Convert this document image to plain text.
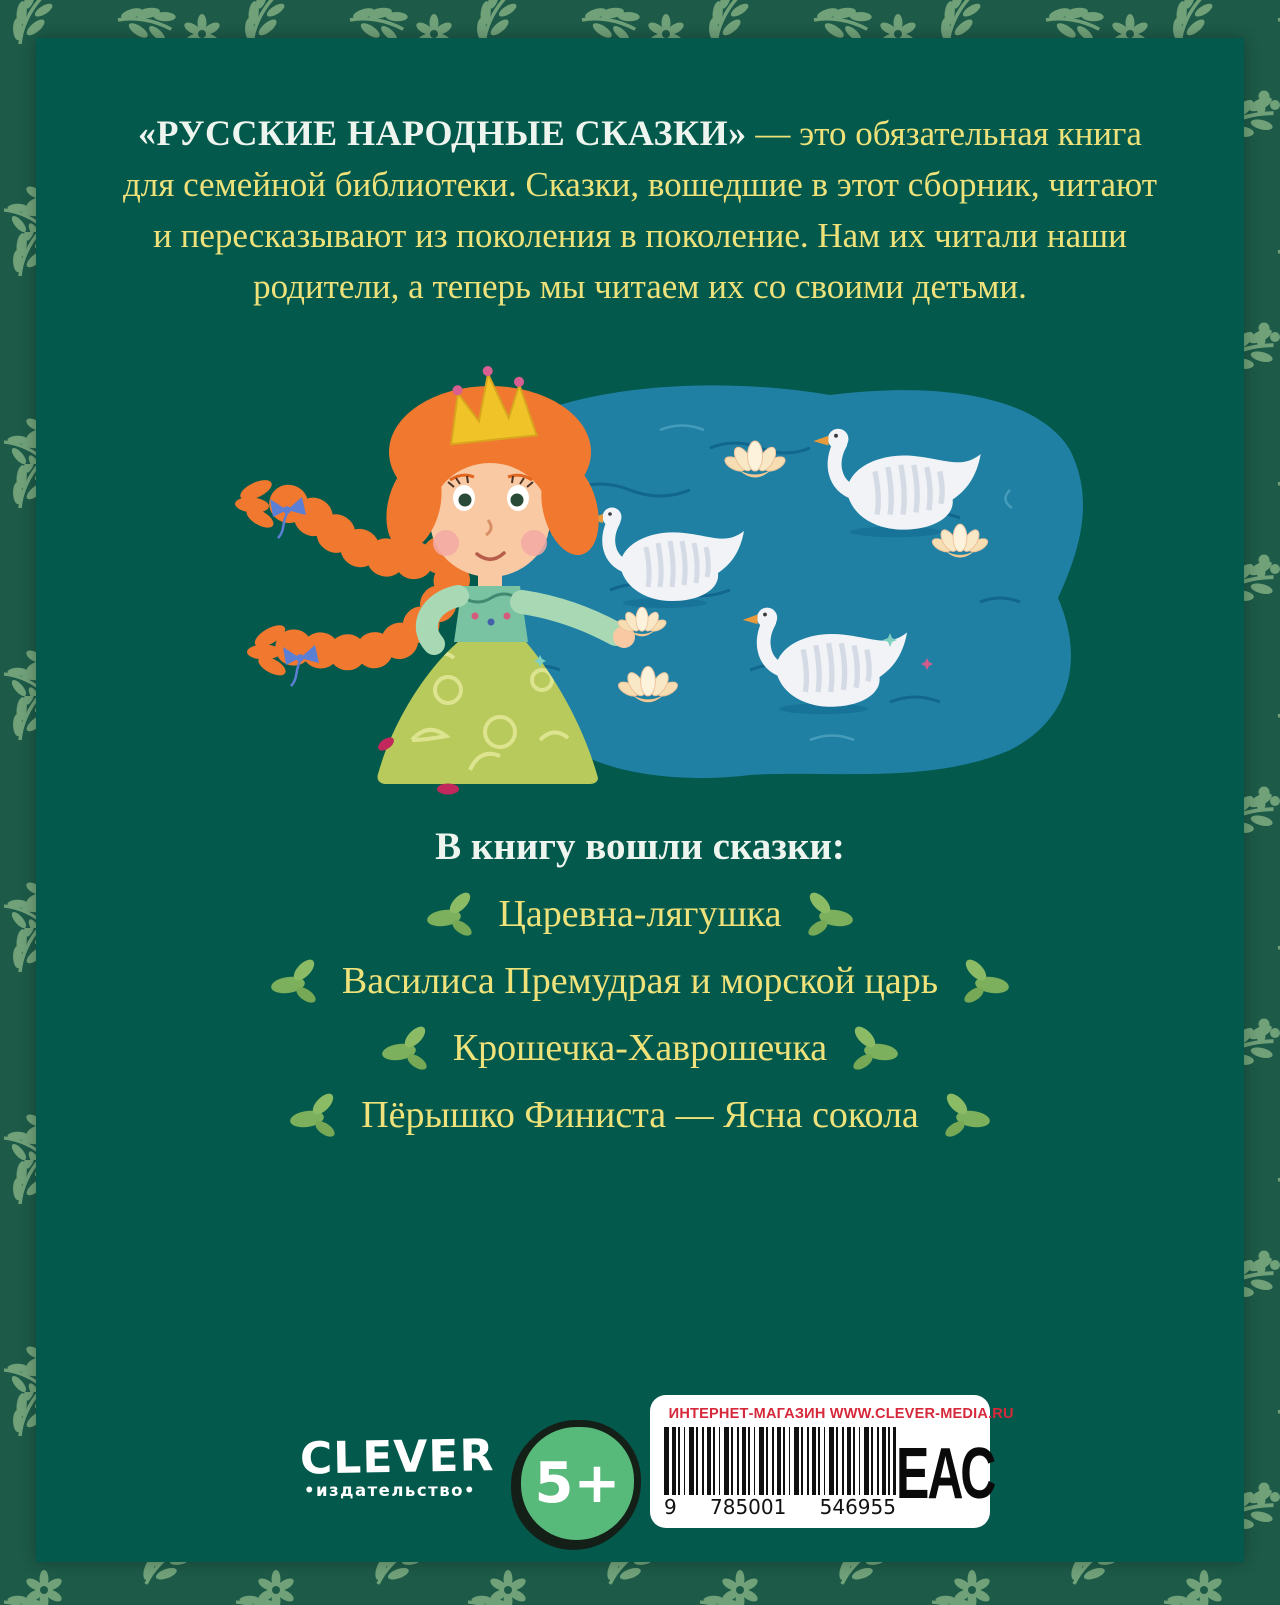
«РУССКИЕ НАРОДНЫЕ СКАЗКИ» — это обязательная книга
для семейной библиотеки. Сказки, вошедшие в этот сборник, читают
и пересказывают из поколения в поколение. Нам их читали наши
родители, а теперь мы читаем их со своими детьми.
В книгу вошли сказки:
Царевна-лягушка
Василиса Премудрая и морской царь
Крошечка-Хаврошечка
Пёрышко Финиста — Ясна сокола
CLEVER
•издательство• 5+
ИНТЕРНЕТ-МАГАЗИН WWW.CLEVER-MEDIA.RU
9 785001 546955 ЕАС
